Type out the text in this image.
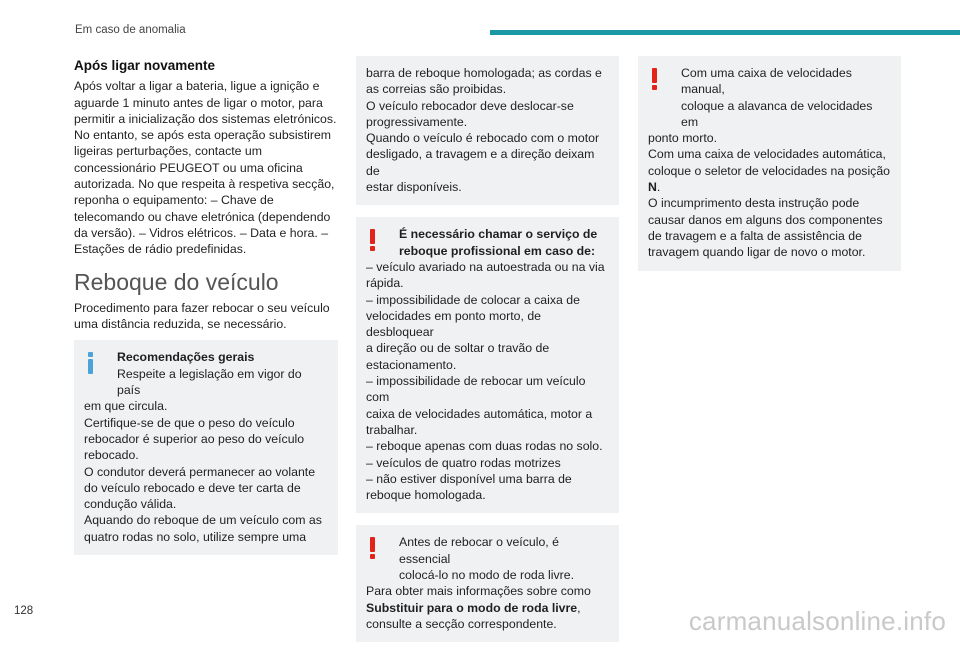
Em caso de anomalia
Após ligar novamente

Após voltar a ligar a bateria, ligue a ignição e aguarde 1 minuto antes de ligar o motor, para permitir a inicialização dos sistemas eletrónicos. No entanto, se após esta operação subsistirem ligeiras perturbações, contacte um concessionário PEUGEOT ou uma oficina autorizada. No que respeita à respetiva secção, reponha o equipamento: – Chave de telecomando ou chave eletrónica (dependendo da versão). – Vidros elétricos. – Data e hora. – Estações de rádio predefinidas.

Reboque do veículo

Procedimento para fazer rebocar o seu veículo uma distância reduzida, se necessário.

Recomendações gerais
Respeite a legislação em vigor do país
em que circula.
Certifique-se de que o peso do veículo
rebocador é superior ao peso do veículo
rebocado.
O condutor deverá permanecer ao volante
do veículo rebocado e deve ter carta de
condução válida.
Aquando do reboque de um veículo com as
quatro rodas no solo, utilize sempre uma
barra de reboque homologada; as cordas e
as correias são proibidas.
O veículo rebocador deve deslocar-se
progressivamente.
Quando o veículo é rebocado com o motor
desligado, a travagem e a direção deixam de
estar disponíveis.
É necessário chamar o serviço de
reboque profissional em caso de:
– veículo avariado na autoestrada ou na via
rápida.
– impossibilidade de colocar a caixa de
velocidades em ponto morto, de desbloquear
a direção ou de soltar o travão de
estacionamento.
– impossibilidade de rebocar um veículo com
caixa de velocidades automática, motor a
trabalhar.
– reboque apenas com duas rodas no solo.
– veículos de quatro rodas motrizes
– não estiver disponível uma barra de
reboque homologada.
Antes de rebocar o veículo, é essencial
colocá-lo no modo de roda livre.
Para obter mais informações sobre como
Substituir para o modo de roda livre,
consulte a secção correspondente.
Com uma caixa de velocidades manual,
coloque a alavanca de velocidades em
ponto morto.
Com uma caixa de velocidades automática,
coloque o seletor de velocidades na posição
N.
O incumprimento desta instrução pode
causar danos em alguns dos componentes
de travagem e a falta de assistência de
travagem quando ligar de novo o motor.
128	carmanualsonline.info
